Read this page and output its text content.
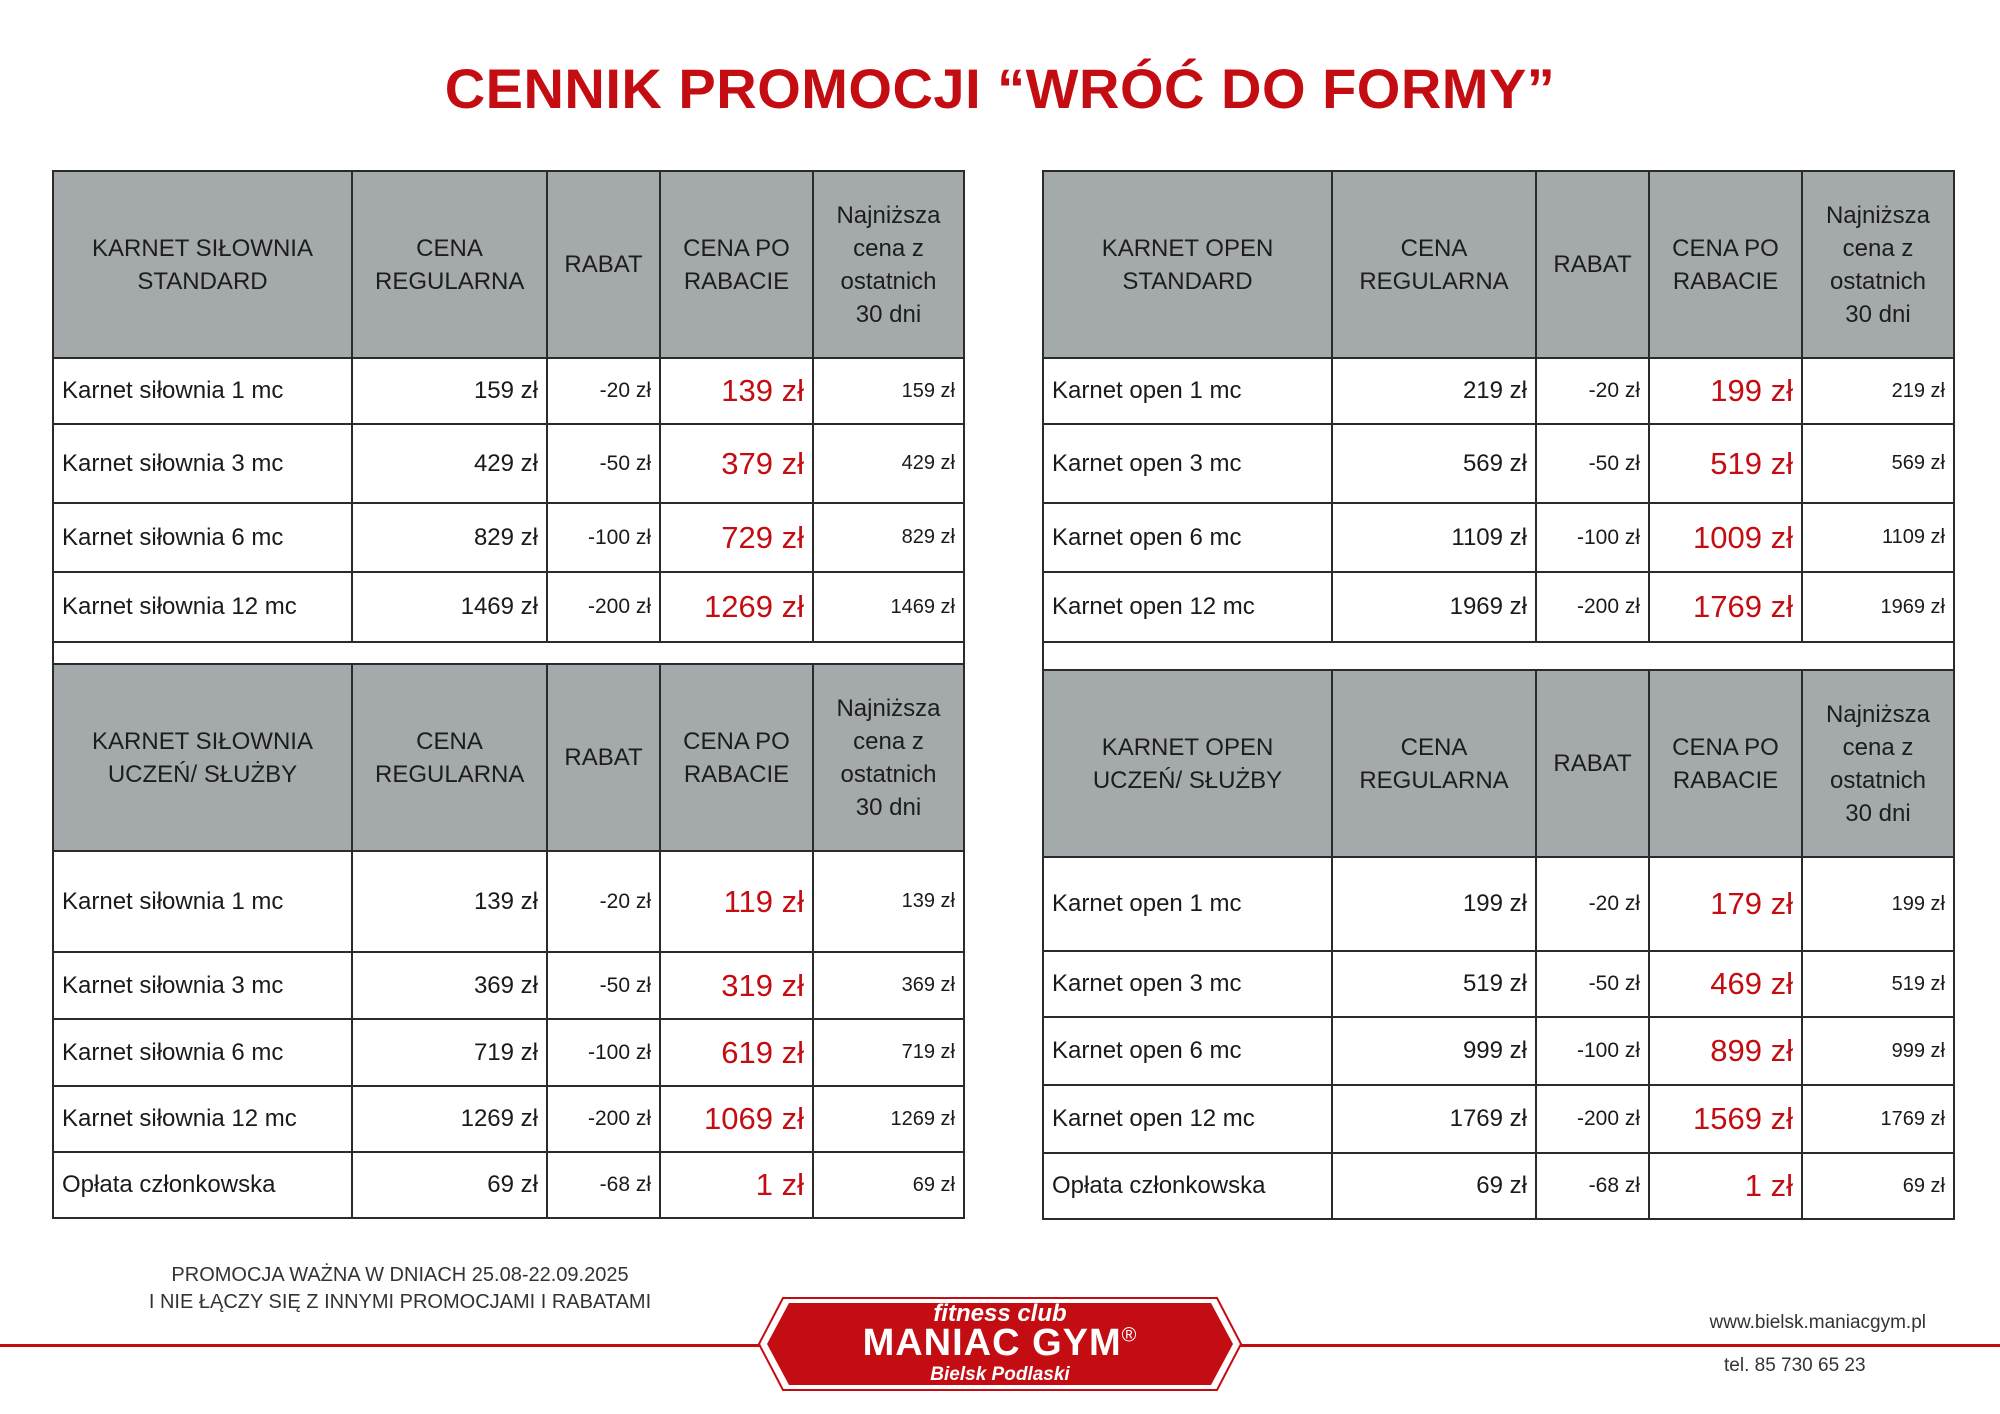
CENNIK PROMOCJI “WRÓĆ DO FORMY”
KARNET SIŁOWNIA STANDARD	CENA REGULARNA	RABAT	CENA PO RABACIE	Najniższa cena z ostatnich 30 dni
Karnet siłownia 1 mc	159 zł	-20 zł	139 zł	159 zł
Karnet siłownia 3 mc	429 zł	-50 zł	379 zł	429 zł
Karnet siłownia 6 mc	829 zł	-100 zł	729 zł	829 zł
Karnet siłownia 12 mc	1469 zł	-200 zł	1269 zł	1469 zł

KARNET SIŁOWNIA UCZEŃ/ SŁUŻBY	CENA REGULARNA	RABAT	CENA PO RABACIE	Najniższa cena z ostatnich 30 dni
Karnet siłownia 1 mc	139 zł	-20 zł	119 zł	139 zł
Karnet siłownia 3 mc	369 zł	-50 zł	319 zł	369 zł
Karnet siłownia 6 mc	719 zł	-100 zł	619 zł	719 zł
Karnet siłownia 12 mc	1269 zł	-200 zł	1069 zł	1269 zł
Opłata członkowska	69 zł	-68 zł	1 zł	69 zł
KARNET OPEN STANDARD	CENA REGULARNA	RABAT	CENA PO RABACIE	Najniższa cena z ostatnich 30 dni
Karnet open 1 mc	219 zł	-20 zł	199 zł	219 zł
Karnet open 3 mc	569 zł	-50 zł	519 zł	569 zł
Karnet open 6 mc	1109 zł	-100 zł	1009 zł	1109 zł
Karnet open 12 mc	1969 zł	-200 zł	1769 zł	1969 zł

KARNET OPEN UCZEŃ/ SŁUŻBY	CENA REGULARNA	RABAT	CENA PO RABACIE	Najniższa cena z ostatnich 30 dni
Karnet open 1 mc	199 zł	-20 zł	179 zł	199 zł
Karnet open 3 mc	519 zł	-50 zł	469 zł	519 zł
Karnet open 6 mc	999 zł	-100 zł	899 zł	999 zł
Karnet open 12 mc	1769 zł	-200 zł	1569 zł	1769 zł
Opłata członkowska	69 zł	-68 zł	1 zł	69 zł
PROMOCJA WAŻNA W DNIACH 25.08-22.09.2025
I NIE ŁĄCZY SIĘ Z INNYMI PROMOCJAMI I RABATAMI	fitness club
MANIAC GYM®
Bielsk Podlaski
www.bielsk.maniacgym.pl
tel. 85 730 65 23
